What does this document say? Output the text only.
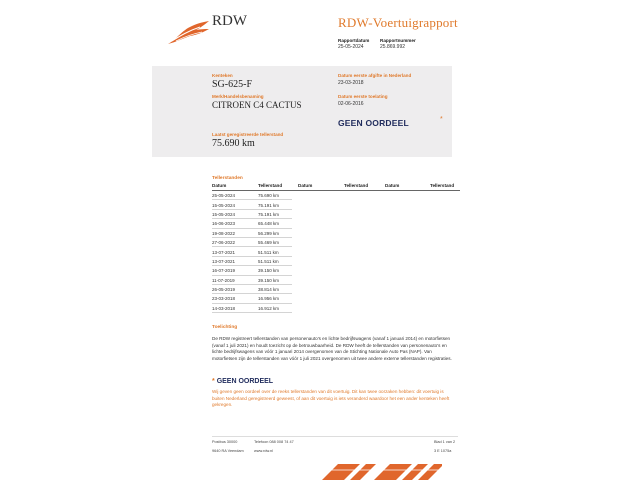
RDW	RDW-Voertuigrapport
Rapportdatum
25-05-2024
Rapportnummer
25.869.992
Kenteken
SG-625-F
Merk/Handelsbenaming
CITROEN C4 CACTUS
Laatst geregistreerde tellerstand
75.690 km
Datum eerste afgifte in Nederland
23-03-2018
Datum eerste toelating
02-06-2016
GEEN OORDEEL	*
Tellerstanden
Datum	Tellerstand	Datum	Tellerstand	Datum	Tellerstand
25-05-2024	75.690 km
15-05-2024	75.191 km
15-05-2024	75.191 km
16-06-2023	65.448 km
19-08-2022	56.299 km
27-06-2022	55.469 km
13-07-2021	51.511 km
13-07-2021	51.511 km
16-07-2019	39.150 km
11-07-2019	39.150 km
26-05-2019	38.814 km
23-03-2018	16.956 km
14-03-2018	16.912 km
Toelichting
De RDW registreert tellerstanden van personenauto's en lichte bedrijfswagens (vanaf 1 januari 2014) en motorfietsen (vanaf 1 juli 2021) en houdt toezicht op de betrouwbaarheid. De RDW heeft de tellerstanden van personenauto's en lichte bedrijfswagens van vóór 1 januari 2014 overgenomen van de Stichting Nationale Auto Pas (NAP). Van motorfietsen zijn de tellerstanden van vóór 1 juli 2021 overgenomen uit twee andere externe tellerstanden registraties.
* GEEN OORDEEL
Wij geven geen oordeel over de reeks tellerstanden van dit voertuig. Dit kan twee oorzaken hebben: dit voertuig is buiten Nederland geregistreerd geweest, of aan dit voertuig is iets veranderd waardoor het een ander kenteken heeft gekregen.
Postbus 30000
9640 RA Veendam
Telefoon 088 008 74 47
www.rdw.nl
Blad 1 van 2
3 E 1075a
